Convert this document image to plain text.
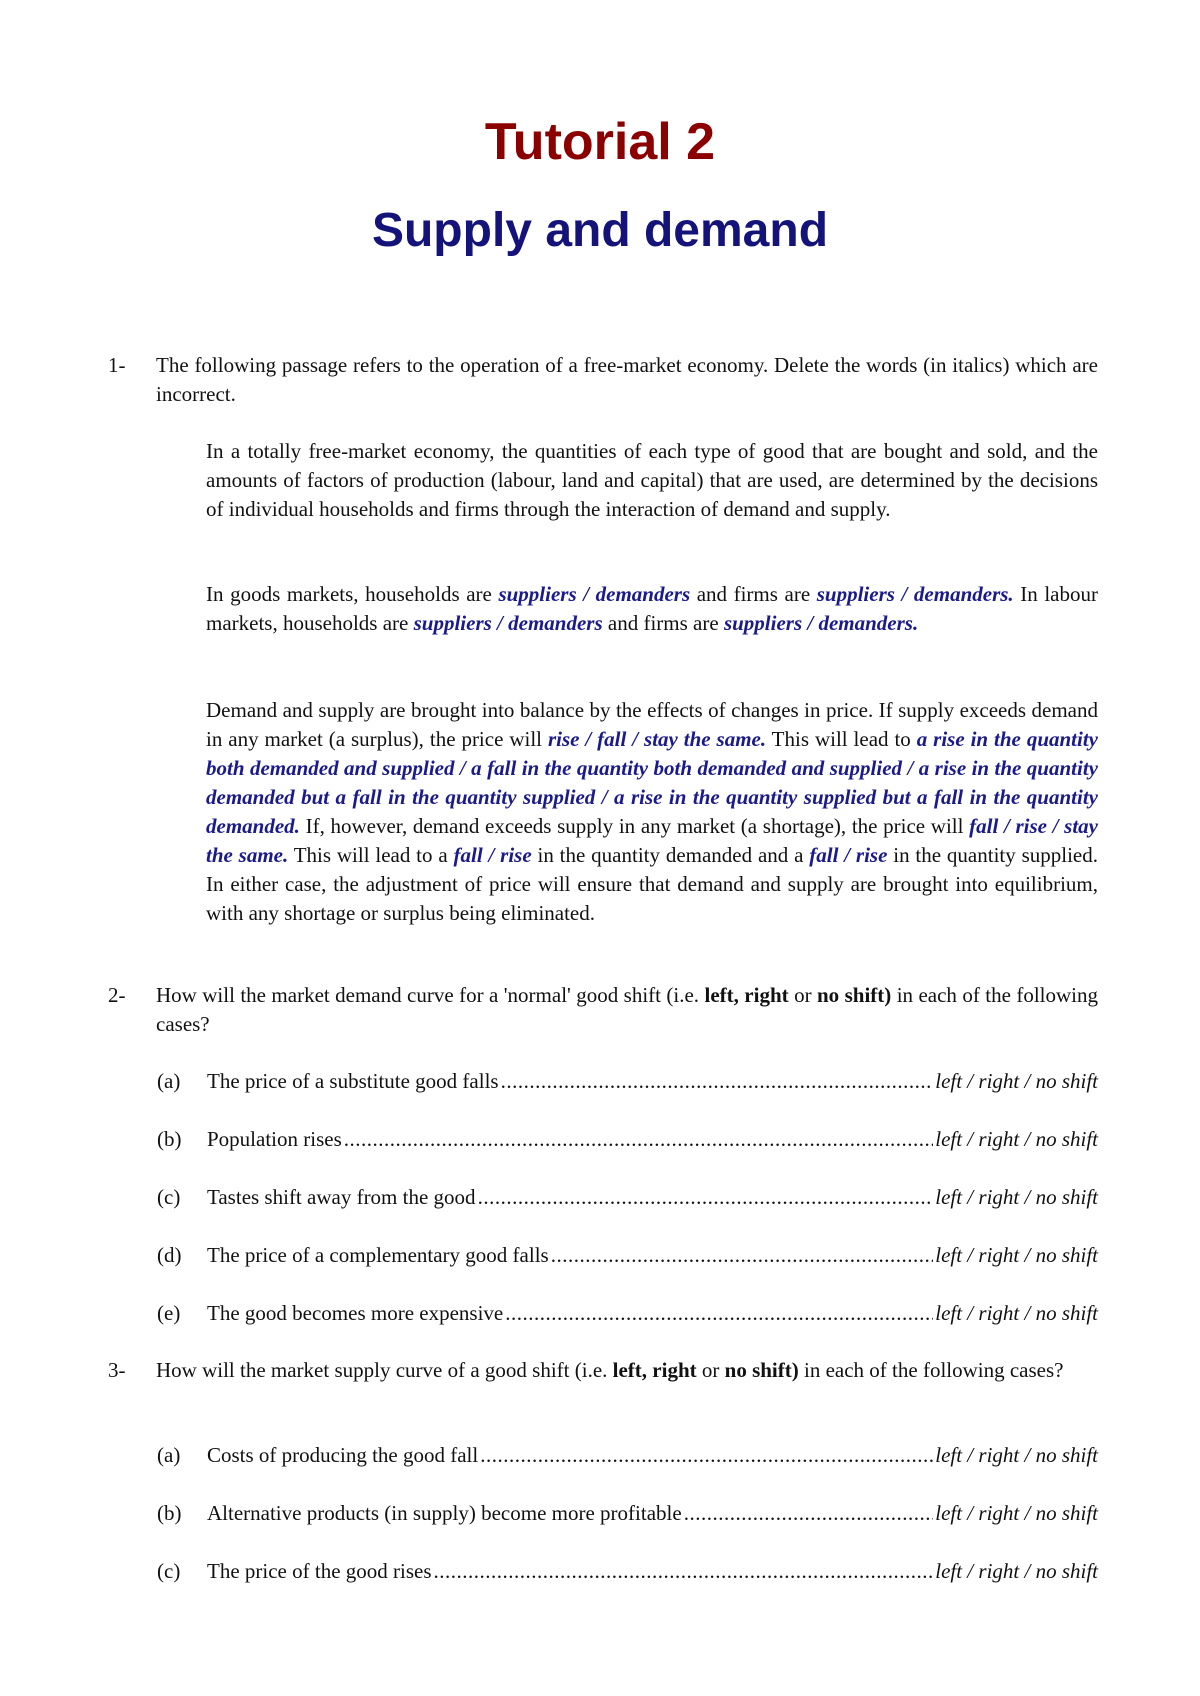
Tutorial 2
Supply and demand
1- The following passage refers to the operation of a free-market economy. Delete the words (in italics) which are incorrect.
In a totally free-market economy, the quantities of each type of good that are bought and sold, and the amounts of factors of production (labour, land and capital) that are used, are determined by the decisions of individual households and firms through the interaction of demand and supply.
In goods markets, households are suppliers / demanders and firms are suppliers / demanders. In labour markets, households are suppliers / demanders and firms are suppliers / demanders.
Demand and supply are brought into balance by the effects of changes in price. If supply exceeds demand in any market (a surplus), the price will rise / fall / stay the same. This will lead to a rise in the quantity both demanded and supplied / a fall in the quantity both demanded and supplied / a rise in the quantity demanded but a fall in the quantity supplied / a rise in the quantity supplied but a fall in the quantity demanded. If, however, demand exceeds supply in any market (a shortage), the price will fall / rise / stay the same. This will lead to a fall / rise in the quantity demanded and a fall / rise in the quantity supplied. In either case, the adjustment of price will ensure that demand and supply are brought into equilibrium, with any shortage or surplus being eliminated.
2- How will the market demand curve for a 'normal' good shift (i.e. left, right or no shift) in each of the following cases?
(a)	The price of a substitute good falls .....	left / right / no shift
(b)	Population rises .....	left / right / no shift
(c)	Tastes shift away from the good .....	left / right / no shift
(d)	The price of a complementary good falls .....	left / right / no shift
(e)	The good becomes more expensive .....	left / right / no shift
3- How will the market supply curve of a good shift (i.e. left, right or no shift) in each of the following cases?
(a)	Costs of producing the good fall .....	left / right / no shift
(b)	Alternative products (in supply) become more profitable .....	left / right / no shift
(c)	The price of the good rises .....	left / right / no shift
